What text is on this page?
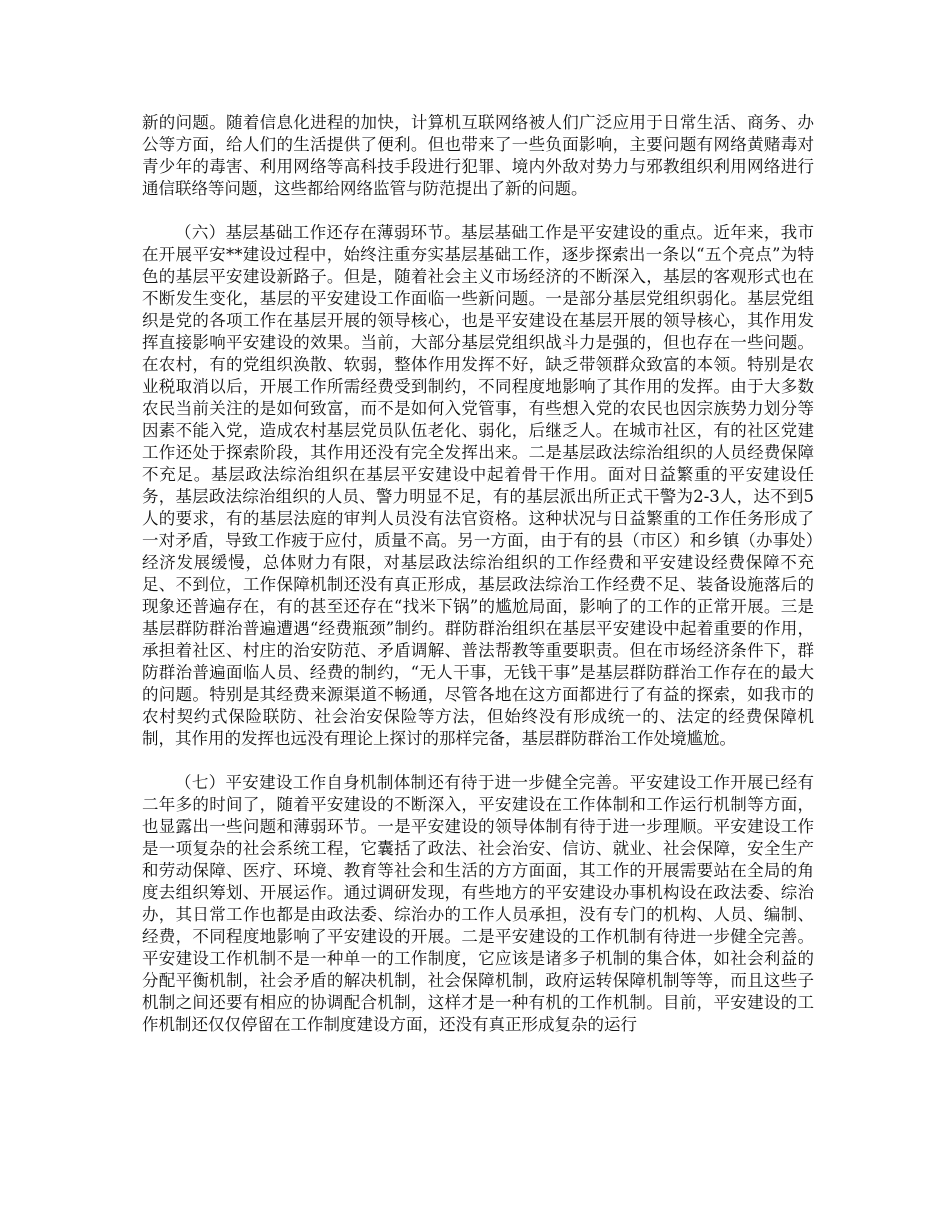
新的问题。随着信息化进程的加快，计算机互联网络被人们广泛应用于日常生活、商务、办公等方面，给人们的生活提供了便利。但也带来了一些负面影响，主要问题有网络黄赌毒对青少年的毒害、利用网络等高科技手段进行犯罪、境内外敌对势力与邪教组织利用网络进行通信联络等问题，这些都给网络监管与防范提出了新的问题。

（六）基层基础工作还存在薄弱环节。基层基础工作是平安建设的重点。近年来，我市在开展平安**建设过程中，始终注重夯实基层基础工作，逐步探索出一条以“五个亮点”为特色的基层平安建设新路子。但是，随着社会主义市场经济的不断深入，基层的客观形式也在不断发生变化，基层的平安建设工作面临一些新问题。一是部分基层党组织弱化。基层党组织是党的各项工作在基层开展的领导核心，也是平安建设在基层开展的领导核心，其作用发挥直接影响平安建设的效果。当前，大部分基层党组织战斗力是强的，但也存在一些问题。在农村，有的党组织涣散、软弱，整体作用发挥不好，缺乏带领群众致富的本领。特别是农业税取消以后，开展工作所需经费受到制约，不同程度地影响了其作用的发挥。由于大多数农民当前关注的是如何致富，而不是如何入党管事，有些想入党的农民也因宗族势力划分等因素不能入党，造成农村基层党员队伍老化、弱化，后继乏人。在城市社区，有的社区党建工作还处于探索阶段，其作用还没有完全发挥出来。二是基层政法综治组织的人员经费保障不充足。基层政法综治组织在基层平安建设中起着骨干作用。面对日益繁重的平安建设任务，基层政法综治组织的人员、警力明显不足，有的基层派出所正式干警为2-3人，达不到5人的要求，有的基层法庭的审判人员没有法官资格。这种状况与日益繁重的工作任务形成了一对矛盾，导致工作疲于应付，质量不高。另一方面，由于有的县（市区）和乡镇（办事处）经济发展缓慢，总体财力有限，对基层政法综治组织的工作经费和平安建设经费保障不充足、不到位，工作保障机制还没有真正形成，基层政法综治工作经费不足、装备设施落后的现象还普遍存在，有的甚至还存在“找米下锅”的尴尬局面，影响了的工作的正常开展。三是基层群防群治普遍遭遇“经费瓶颈”制约。群防群治组织在基层平安建设中起着重要的作用，承担着社区、村庄的治安防范、矛盾调解、普法帮教等重要职责。但在市场经济条件下，群防群治普遍面临人员、经费的制约，“无人干事，无钱干事”是基层群防群治工作存在的最大的问题。特别是其经费来源渠道不畅通，尽管各地在这方面都进行了有益的探索，如我市的农村契约式保险联防、社会治安保险等方法，但始终没有形成统一的、法定的经费保障机制，其作用的发挥也远没有理论上探讨的那样完备，基层群防群治工作处境尴尬。

（七）平安建设工作自身机制体制还有待于进一步健全完善。平安建设工作开展已经有二年多的时间了，随着平安建设的不断深入，平安建设在工作体制和工作运行机制等方面，也显露出一些问题和薄弱环节。一是平安建设的领导体制有待于进一步理顺。平安建设工作是一项复杂的社会系统工程，它囊括了政法、社会治安、信访、就业、社会保障，安全生产和劳动保障、医疗、环境、教育等社会和生活的方方面面，其工作的开展需要站在全局的角度去组织筹划、开展运作。通过调研发现，有些地方的平安建设办事机构设在政法委、综治办，其日常工作也都是由政法委、综治办的工作人员承担，没有专门的机构、人员、编制、经费，不同程度地影响了平安建设的开展。二是平安建设的工作机制有待进一步健全完善。平安建设工作机制不是一种单一的工作制度，它应该是诸多子机制的集合体，如社会利益的分配平衡机制，社会矛盾的解决机制，社会保障机制，政府运转保障机制等等，而且这些子机制之间还要有相应的协调配合机制，这样才是一种有机的工作机制。目前，平安建设的工作机制还仅仅停留在工作制度建设方面，还没有真正形成复杂的运行
